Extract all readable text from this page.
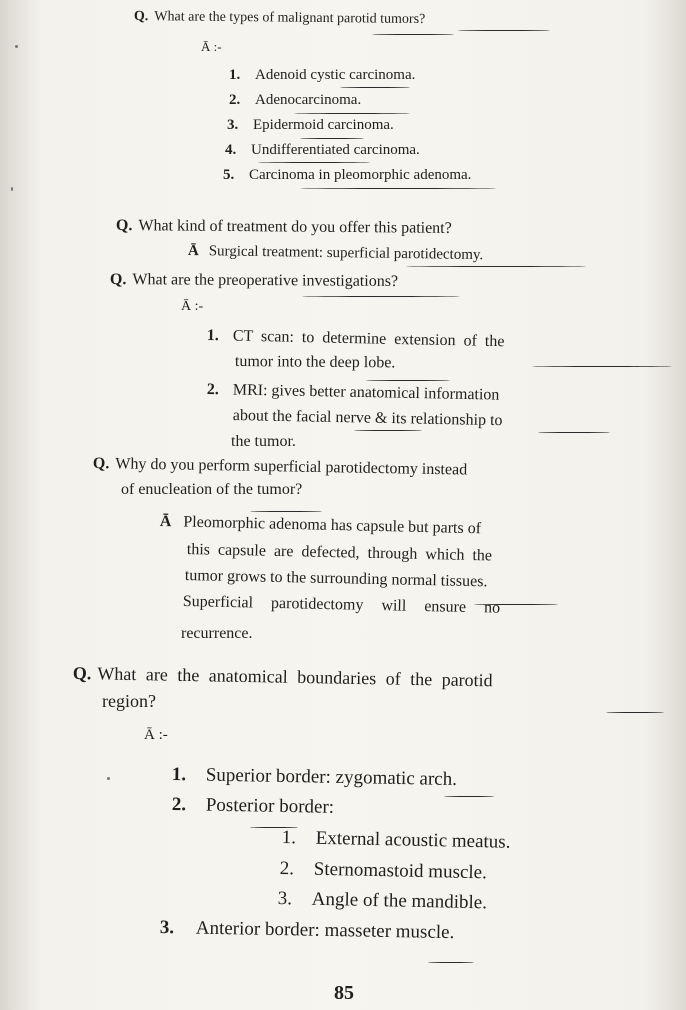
Q. What are the types of malignant parotid tumors?
Ā :-
1. Adenoid cystic carcinoma.
2. Adenocarcinoma.
3. Epidermoid carcinoma.
4. Undifferentiated carcinoma.
5. Carcinoma in pleomorphic adenoma.
Q. What kind of treatment do you offer this patient?
Ā Surgical treatment: superficial parotidectomy.
Q. What are the preoperative investigations?
Ā :-
1. CT scan: to determine extension of the
tumor into the deep lobe.
2. MRI: gives better anatomical information
about the facial nerve & its relationship to
the tumor.
Q. Why do you perform superficial parotidectomy instead
of enucleation of the tumor?
Ā Pleomorphic adenoma has capsule but parts of
this capsule are defected, through which the
tumor grows to the surrounding normal tissues.
Superficial parotidectomy will ensure no
recurrence.
Q. What are the anatomical boundaries of the parotid
region?
Ā :-
1. Superior border: zygomatic arch.
2. Posterior border:
1. External acoustic meatus.
2. Sternomastoid muscle.
3. Angle of the mandible.
3. Anterior border: masseter muscle.
85
